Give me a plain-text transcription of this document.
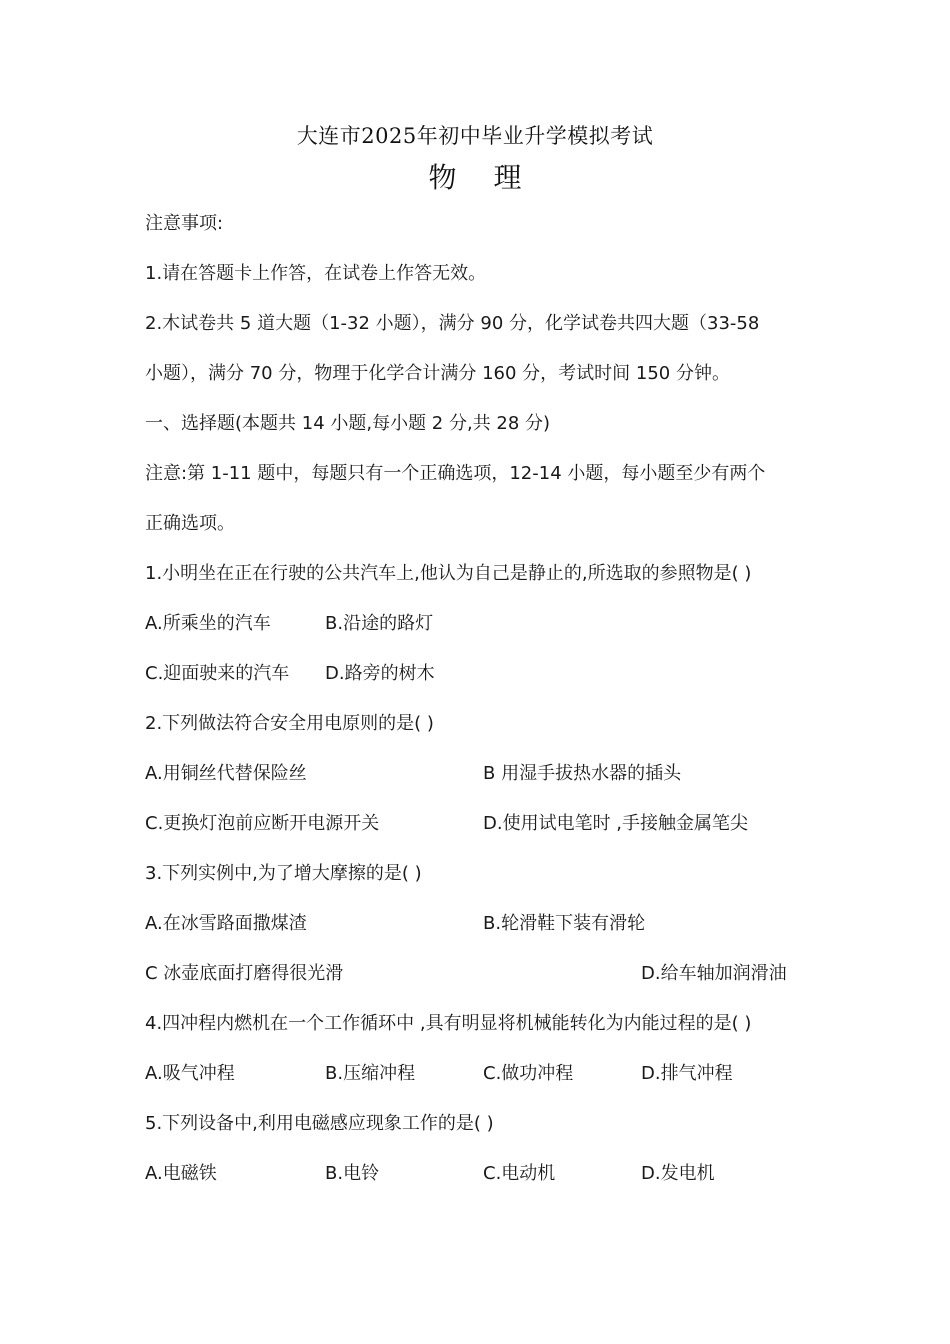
大连市2025年初中毕业升学模拟考试
物 理
注意事项:
1.请在答题卡上作答，在试卷上作答无效。
2.木试卷共 5 道大题（1-32 小题），满分 90 分，化学试卷共四大题（33-58
小题），满分 70 分，物理于化学合计满分 160 分，考试时间 150 分钟。
一、选择题(本题共 14 小题,每小题 2 分,共 28 分)
注意:第 1-11 题中，每题只有一个正确选项，12-14 小题，每小题至少有两个
正确选项。
1.小明坐在正在行驶的公共汽车上,他认为自己是静止的,所选取的参照物是( )
A.所乘坐的汽车	B.沿途的路灯
C.迎面驶来的汽车 D.路旁的树木
2.下列做法符合安全用电原则的是( )
A.用铜丝代替保险丝	B 用湿手拔热水器的插头
C.更换灯泡前应断开电源开关	D.使用试电笔时 ,手接触金属笔尖
3.下列实例中,为了增大摩擦的是( )
A.在冰雪路面撒煤渣	B.轮滑鞋下装有滑轮
C 冰壶底面打磨得很光滑	D.给车轴加润滑油
4.四冲程内燃机在一个工作循环中 ,具有明显将机械能转化为内能过程的是( )
A.吸气冲程	B.压缩冲程	C.做功冲程	D.排气冲程
5.下列设备中,利用电磁感应现象工作的是( )
A.电磁铁	B.电铃	C.电动机	D.发电机
